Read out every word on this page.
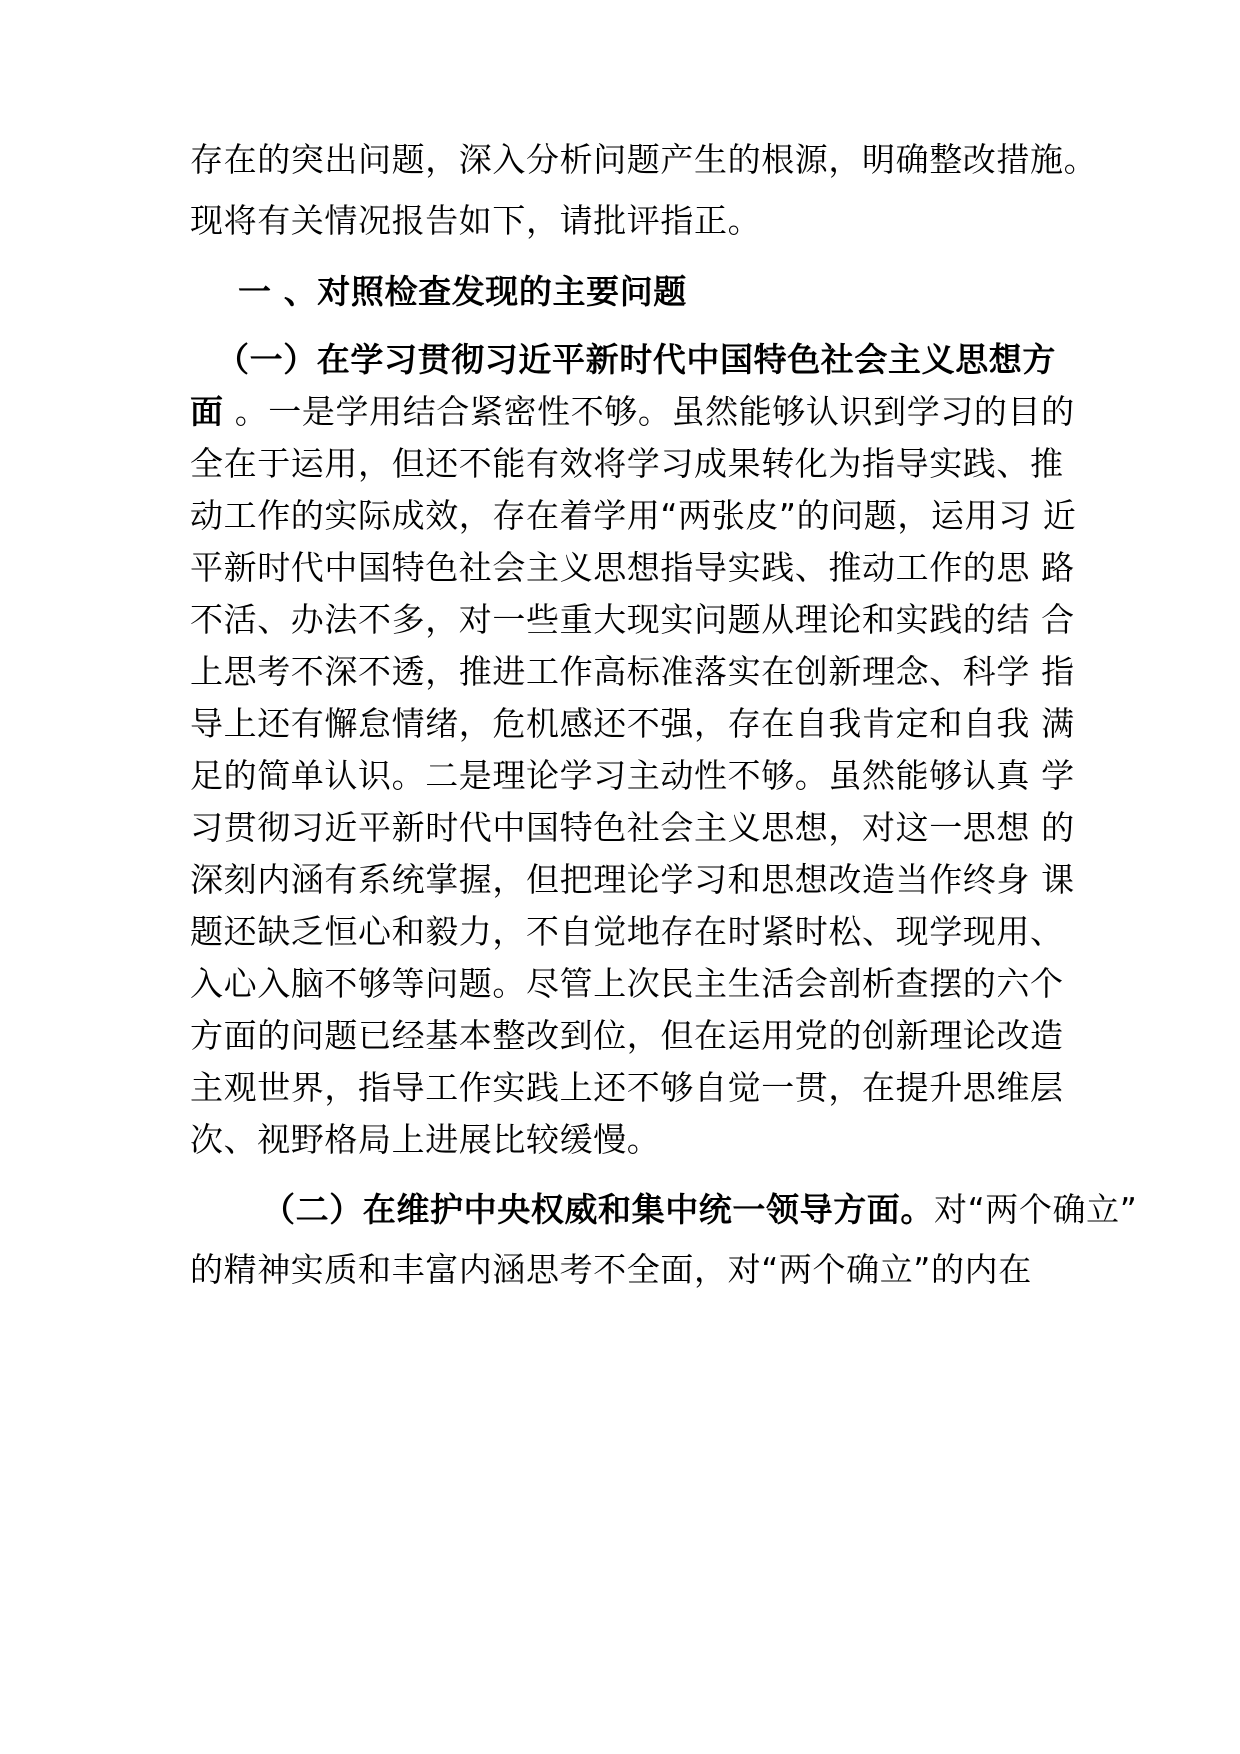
存在的突出问题，深入分析问题产生的根源，明确整改措施。
现将有关情况报告如下，请批评指正。
一 、对照检查发现的主要问题
（一）在学习贯彻习近平新时代中国特色社会主义思想方
面 。一是学用结合紧密性不够。虽然能够认识到学习的目的
全在于运用，但还不能有效将学习成果转化为指导实践、推
动工作的实际成效，存在着学用“两张皮”的问题，运用习 近
平新时代中国特色社会主义思想指导实践、推动工作的思 路
不活、办法不多，对一些重大现实问题从理论和实践的结 合
上思考不深不透，推进工作高标准落实在创新理念、科学 指
导上还有懈怠情绪，危机感还不强，存在自我肯定和自我 满
足的简单认识。二是理论学习主动性不够。虽然能够认真 学
习贯彻习近平新时代中国特色社会主义思想，对这一思想 的
深刻内涵有系统掌握，但把理论学习和思想改造当作终身 课
题还缺乏恒心和毅力，不自觉地存在时紧时松、现学现用、
入心入脑不够等问题。尽管上次民主生活会剖析查摆的六个
方面的问题已经基本整改到位，但在运用党的创新理论改造
主观世界，指导工作实践上还不够自觉一贯，在提升思维层
次、视野格局上进展比较缓慢。
（二）在维护中央权威和集中统一领导方面。对“两个确立”
的精神实质和丰富内涵思考不全面，对“两个确立”的内在
